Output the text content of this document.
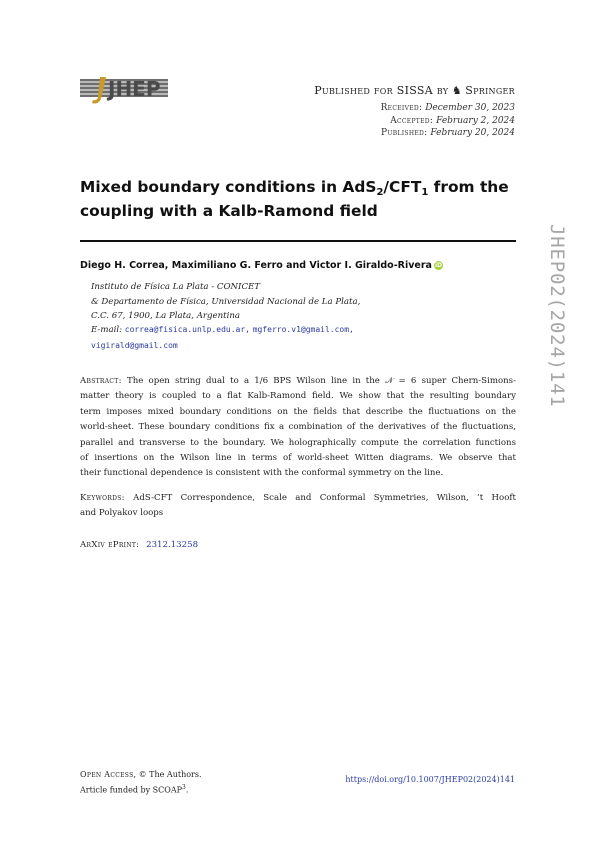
JHEP	Published for SISSA by ♞ Springer
Received: December 30, 2023
Accepted: February 2, 2024
Published: February 20, 2024
Mixed boundary conditions in $AdS_2/CFT_1$ from the
coupling with a Kalb-Ramond field
Diego H. Correa, Maximiliano G. Ferro and Victor I. Giraldo-Rivera iD
Instituto de Física La Plata - CONICET
& Departamento de Física, Universidad Nacional de La Plata,
C.C. 67, 1900, La Plata, Argentina
E-mail: correa@fisica.unlp.edu.ar, mgferro.v1@gmail.com,
vigirald@gmail.com
Abstract: The open string dual to a 1/6 BPS Wilson line in the 𝒩 = 6 super Chern-Simons-
matter theory is coupled to a flat Kalb-Ramond field. We show that the resulting boundary
term imposes mixed boundary conditions on the fields that describe the fluctuations on the
world-sheet. These boundary conditions fix a combination of the derivatives of the fluctuations,
parallel and transverse to the boundary. We holographically compute the correlation functions
of insertions on the Wilson line in terms of world-sheet Witten diagrams. We observe that
their functional dependence is consistent with the conformal symmetry on the line.
Keywords: AdS-CFT Correspondence, Scale and Conformal Symmetries, Wilson, ’t Hooft
and Polyakov loops
ArXiv ePrint: 2312.13258
JHEP02(2024)141
Open Access, © The Authors.
Article funded by SCOAP$^3$.
https://doi.org/10.1007/JHEP02(2024)141
